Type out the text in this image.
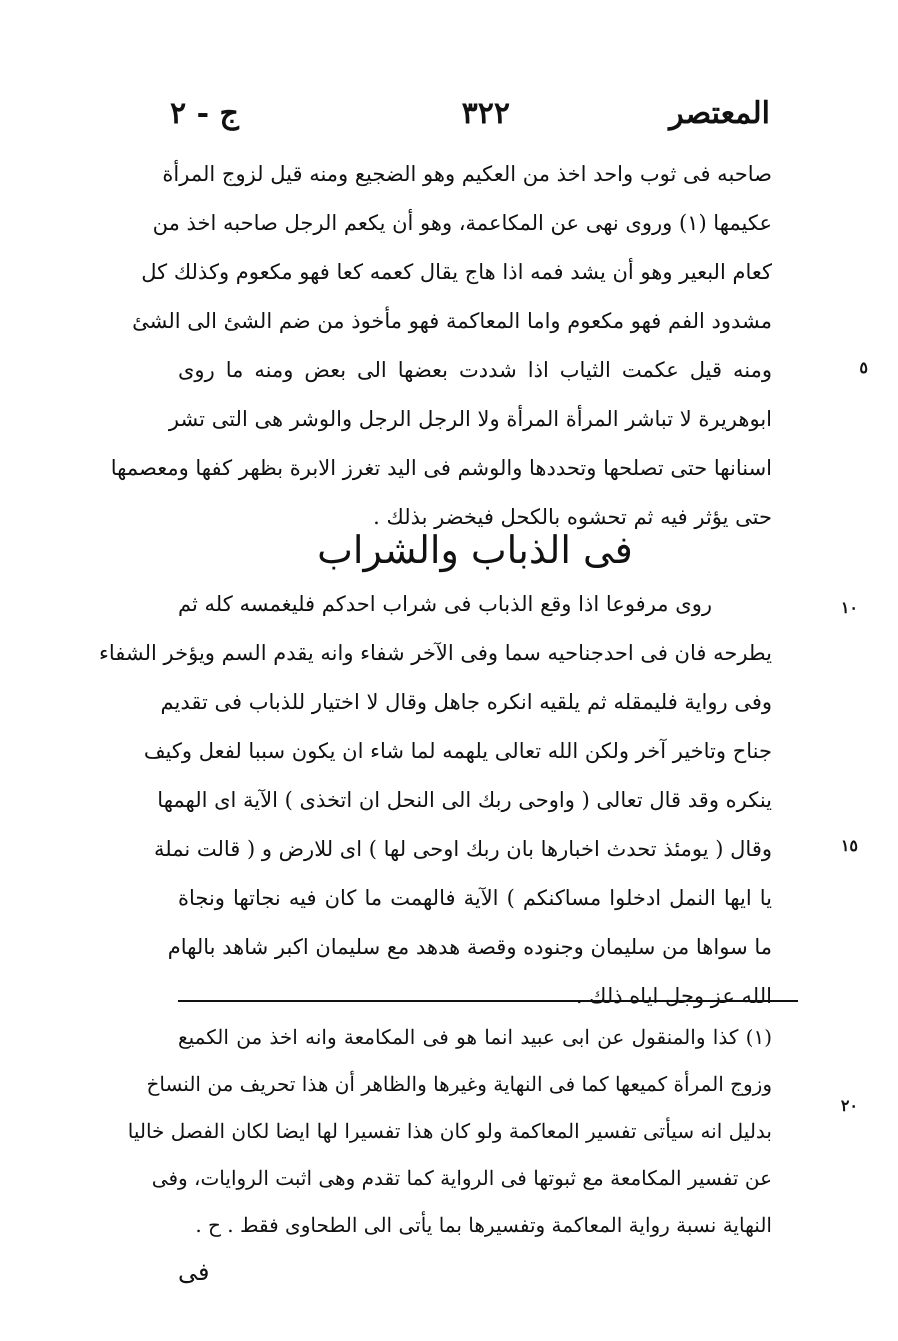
المعتصر
٣٢٢
ج - ٢
صاحبه فى ثوب واحد اخذ من العكيم وهو الضجيع ومنه قيل لزوج المرأة
عكيمها (١) وروى نهى عن المكاعمة، وهو أن يكعم الرجل صاحبه اخذ من
كعام البعير وهو أن يشد فمه اذا هاج يقال كعمه كعا فهو مكعوم وكذلك كل
مشدود الفم فهو مكعوم واما المعاكمة فهو مأخوذ من ضم الشئ الى الشئ
ومنه قيل عكمت الثياب اذا شددت بعضها الى بعض ومنه ما روى
ابوهريرة لا تباشر المرأة المرأة ولا الرجل الرجل والوشر هى التى تشر
اسنانها حتى تصلحها وتحددها والوشم فى اليد تغرز الابرة بظهر كفها ومعصمها
حتى يؤثر فيه ثم تحشوه بالكحل فيخضر بذلك .
٥
فى الذباب والشراب
روى مرفوعا اذا وقع الذباب فى شراب احدكم فليغمسه كله ثم
يطرحه فان فى احدجناحيه سما وفى الآخر شفاء وانه يقدم السم ويؤخر الشفاء
وفى رواية فليمقله ثم يلقيه انكره جاهل وقال لا اختيار للذباب فى تقديم
جناح وتاخير آخر ولكن الله تعالى يلهمه لما شاء ان يكون سببا لفعل وكيف
ينكره وقد قال تعالى ( واوحى ربك الى النحل ان اتخذى ) الآية اى الهمها
وقال ( يومئذ تحدث اخبارها بان ربك اوحى لها ) اى للارض و ( قالت نملة
يا ايها النمل ادخلوا مساكنكم ) الآية فالهمت ما كان فيه نجاتها ونجاة
ما سواها من سليمان وجنوده وقصة هدهد مع سليمان اكبر شاهد بالهام
الله عز وجل اياه ذلك .
١٠
١٥
(١) كذا والمنقول عن ابى عبيد انما هو فى المكامعة وانه اخذ من الكميع
وزوج المرأة كميعها كما فى النهاية وغيرها والظاهر أن هذا تحريف من النساخ
بدليل انه سيأتى تفسير المعاكمة ولو كان هذا تفسيرا لها ايضا لكان الفصل خاليا
عن تفسير المكامعة مع ثبوتها فى الرواية كما تقدم وهى اثبت الروايات، وفى
النهاية نسبة رواية المعاكمة وتفسيرها بما يأتى الى الطحاوى فقط . ح .
٢٠
فى
